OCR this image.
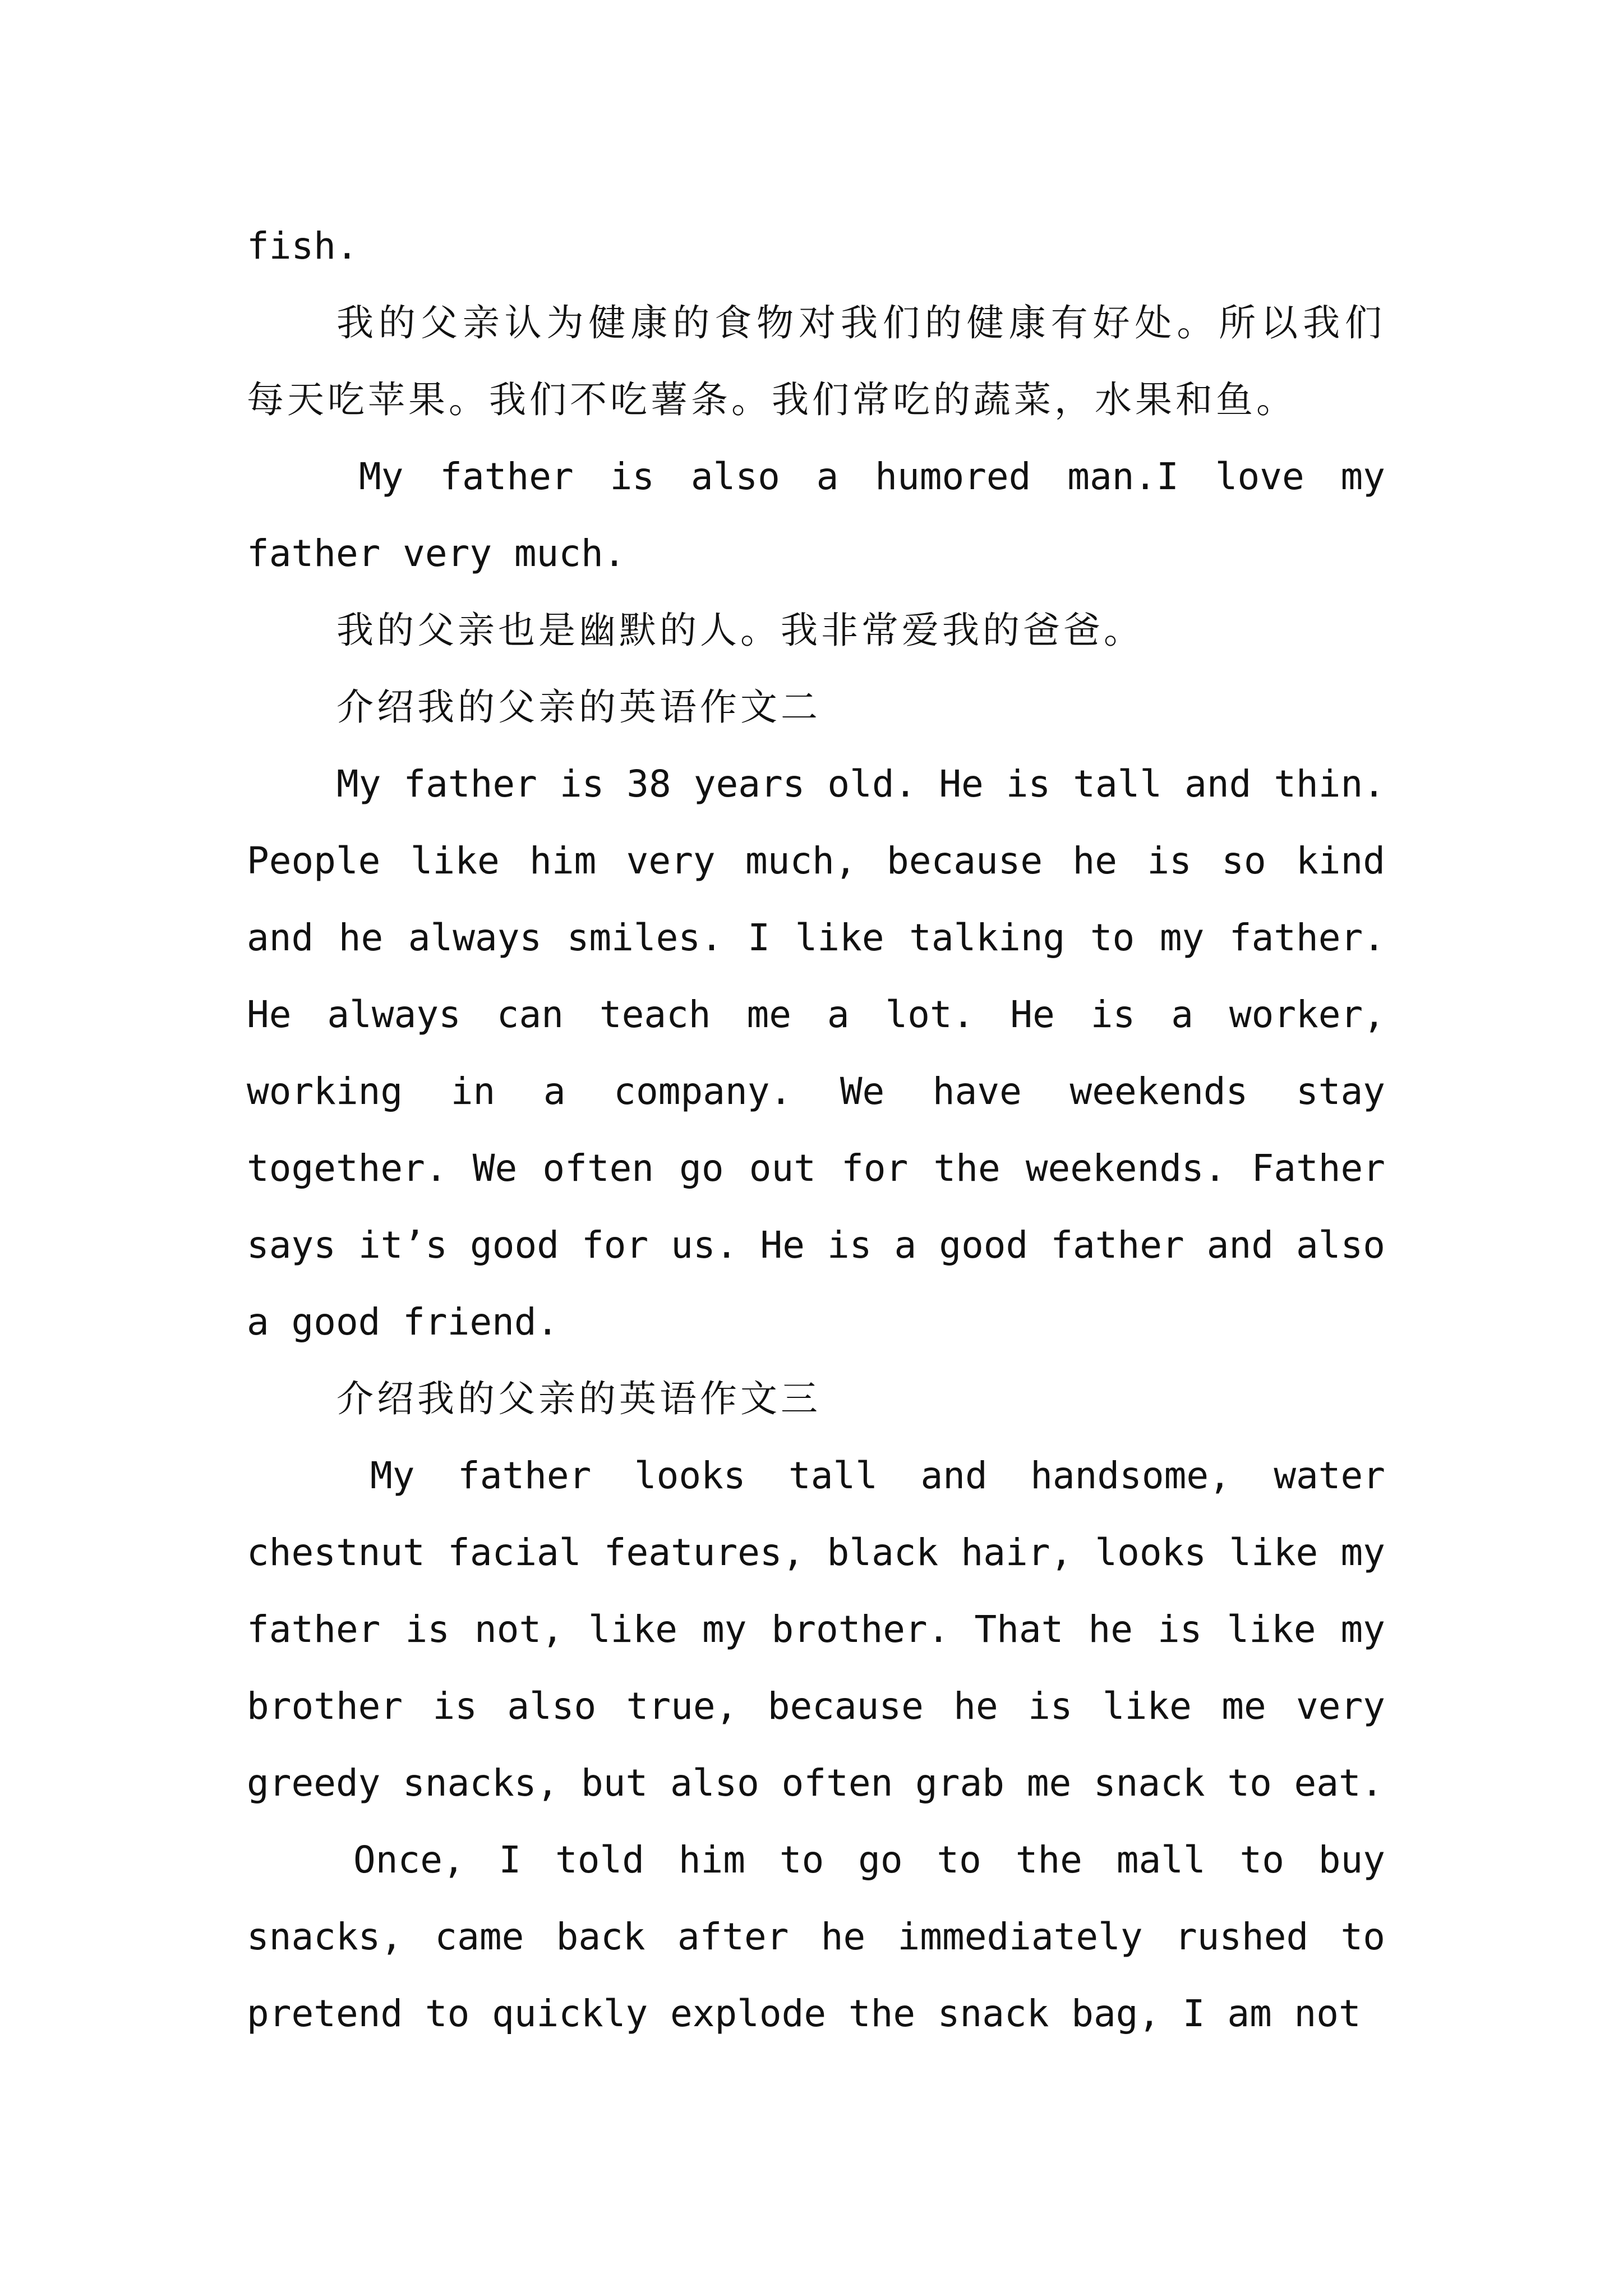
fish.

我的父亲认为健康的食物对我们的健康有好处。所以我们每天吃苹果。我们不吃薯条。我们常吃的蔬菜，水果和鱼。

My father is also a humored man.I love my father very much.

我的父亲也是幽默的人。我非常爱我的爸爸。

介绍我的父亲的英语作文二

My father is 38 years old. He is tall and thin. People like him very much, because he is so kind and he always smiles. I like talking to my father. He always can teach me a lot. He is a worker, working in a company. We have weekends stay together. We often go out for the weekends. Father says it’s good for us. He is a good father and also a good friend.

介绍我的父亲的英语作文三

My father looks tall and handsome, water chestnut facial features, black hair, looks like my father is not, like my brother. That he is like my brother is also true, because he is like me very greedy snacks, but also often grab me snack to eat.

Once, I told him to go to the mall to buy snacks, came back after he immediately rushed to pretend to quickly explode the snack bag, I am not
